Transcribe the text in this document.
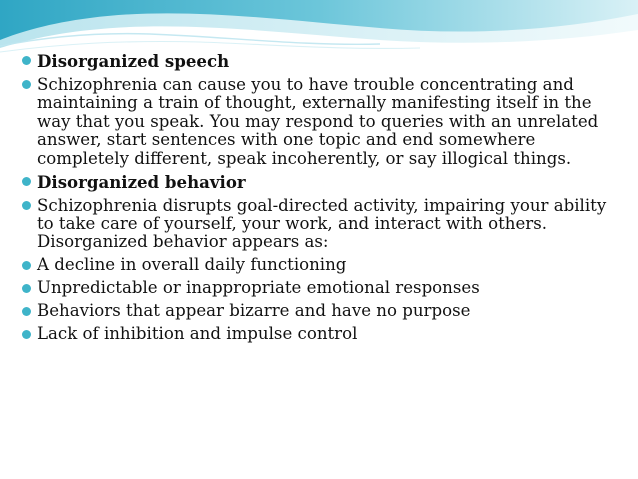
Disorganized speech
Schizophrenia can cause you to have trouble concentrating and maintaining a train of thought, externally manifesting itself in the way that you speak. You may respond to queries with an unrelated answer, start sentences with one topic and end somewhere completely different, speak incoherently, or say illogical things.
Disorganized behavior
Schizophrenia disrupts goal-directed activity, impairing your ability to take care of yourself, your work, and interact with others. Disorganized behavior appears as:
A decline in overall daily functioning
Unpredictable or inappropriate emotional responses
Behaviors that appear bizarre and have no purpose
Lack of inhibition and impulse control
